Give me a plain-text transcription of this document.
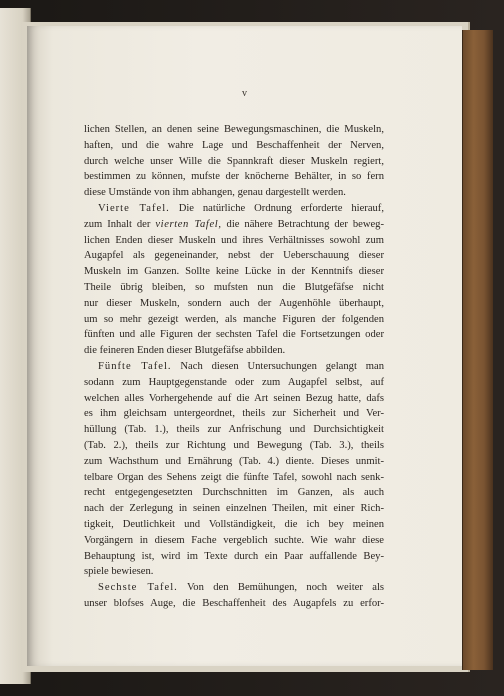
v
lichen Stellen, an denen seine Bewegungsmaschinen, die Muskeln,
haften, und die wahre Lage und Beschaffenheit der Nerven,
durch welche unser Wille die Spannkraft dieser Muskeln regiert,
bestimmen zu können, mufste der knöcherne Behälter, in so fern
diese Umstände von ihm abhangen, genau dargestellt werden.
Vierte Tafel. Die natürliche Ordnung erforderte hierauf,
zum Inhalt der vierten Tafel, die nähere Betrachtung der beweg-
lichen Enden dieser Muskeln und ihres Verhältnisses sowohl zum
Augapfel als gegeneinander, nebst der Ueberschauung dieser
Muskeln im Ganzen. Sollte keine Lücke in der Kenntnifs dieser
Theile übrig bleiben, so mufsten nun die Blutgefäfse nicht
nur dieser Muskeln, sondern auch der Augenhöhle überhaupt,
um so mehr gezeigt werden, als manche Figuren der folgenden
fünften und alle Figuren der sechsten Tafel die Fortsetzungen oder
die feineren Enden dieser Blutgefäfse abbilden.
Fünfte Tafel. Nach diesen Untersuchungen gelangt man
sodann zum Hauptgegenstande oder zum Augapfel selbst, auf
welchen alles Vorhergehende auf die Art seinen Bezug hatte, dafs
es ihm gleichsam untergeordnet, theils zur Sicherheit und Ver-
hüllung (Tab. 1.), theils zur Anfrischung und Durchsichtigkeit
(Tab. 2.), theils zur Richtung und Bewegung (Tab. 3.), theils
zum Wachsthum und Ernährung (Tab. 4.) diente. Dieses unmit-
telbare Organ des Sehens zeigt die fünfte Tafel, sowohl nach senk-
recht entgegengesetzten Durchschnitten im Ganzen, als auch
nach der Zerlegung in seinen einzelnen Theilen, mit einer Rich-
tigkeit, Deutlichkeit und Vollständigkeit, die ich bey meinen
Vorgängern in diesem Fache vergeblich suchte. Wie wahr diese
Behauptung ist, wird im Texte durch ein Paar auffallende Bey-
spiele bewiesen.
Sechste Tafel. Von den Bemühungen, noch weiter als
unser blofses Auge, die Beschaffenheit des Augapfels zu erfor-
